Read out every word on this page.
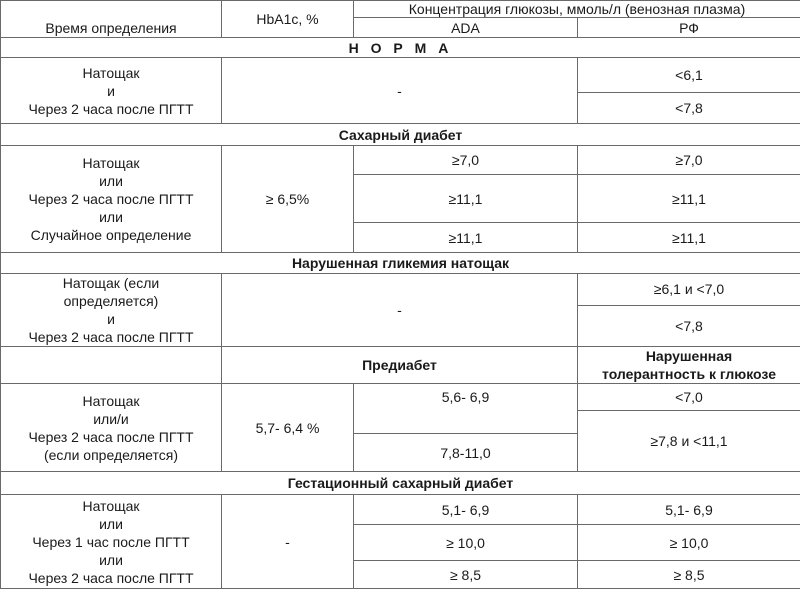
Время определения	HbA1c, %	Концентрация глюкозы, ммоль/л (венозная плазма)	
		ADA	РФ
Н О Р М А			

Натощак
и
Через 2 часа после ПГТТ	-		<6,1
			<7,8
Сахарный диабет			

Натощак
или
Через 2 часа после ПГТТ
или
Случайное определение	≥ 6,5%	≥7,0	≥7,0
		≥11,1	≥11,1
		≥11,1	≥11,1
Нарушенная гликемия натощак			

Натощак (если
определяется)
и
Через 2 часа после ПГТТ	-		≥6,1 и <7,0
			<7,8
	Предиабет		Нарушенная
толерантность к глюкозе

Натощак
или/и
Через 2 часа после ПГТТ
(если определяется)	5,7- 6,4 %	5,6- 6,9	<7,0
			≥7,8 и <11,1
		7,8-11,0	
Гестационный сахарный диабет			

Натощак
или
Через 1 час после ПГТТ
или
Через 2 часа после ПГТТ	-	5,1- 6,9	5,1- 6,9
		≥ 10,0	≥ 10,0
		≥ 8,5	≥ 8,5
